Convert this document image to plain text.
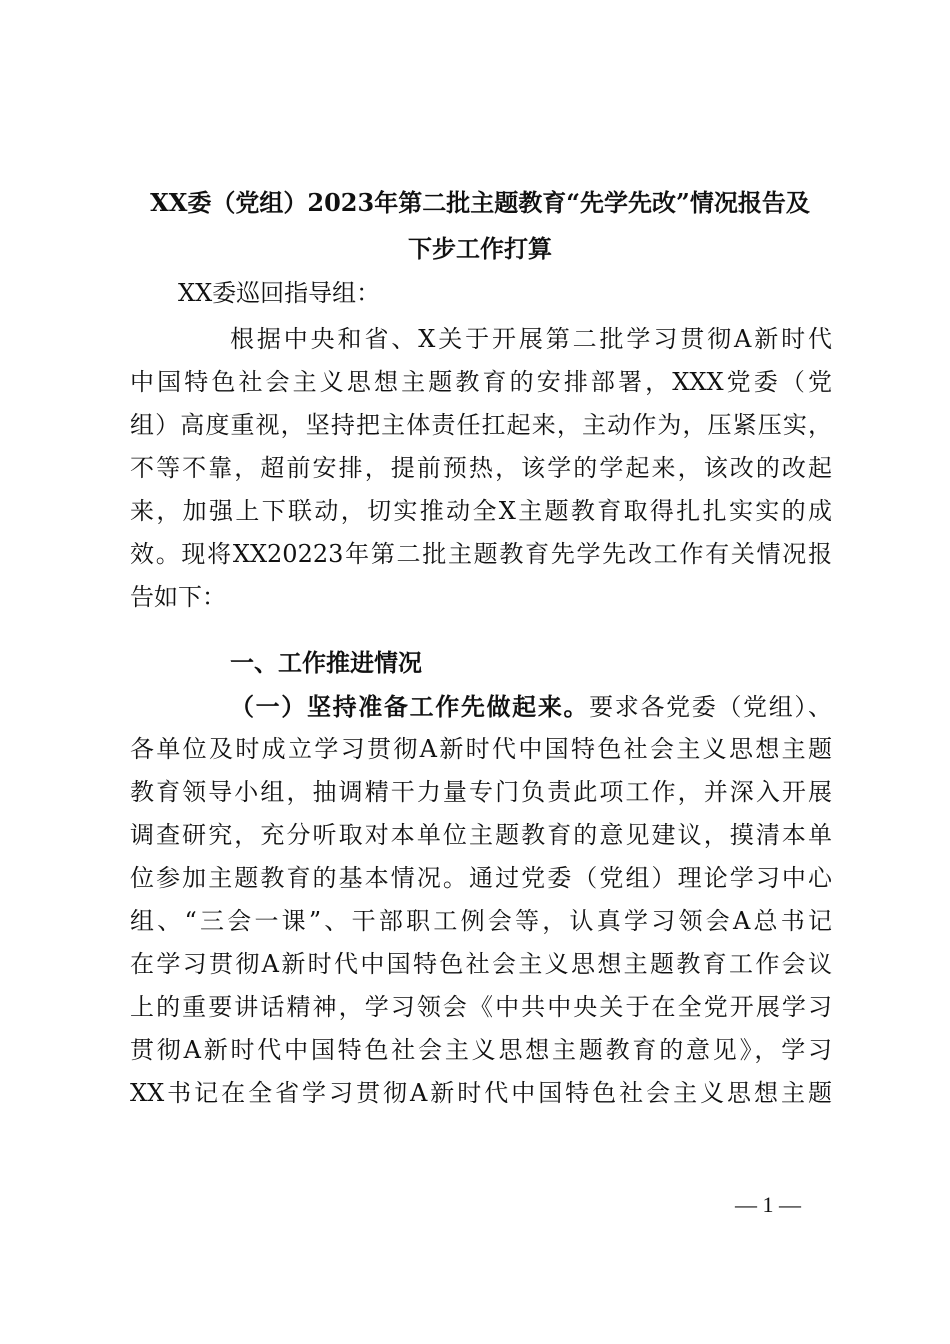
XX委（党组）2023年第二批主题教育“先学先改”情况报告及
下步工作打算
XX委巡回指导组：
根据中央和省、X关于开展第二批学习贯彻A新时代
中国特色社会主义思想主题教育的安排部署，XXX党委（党
组）高度重视，坚持把主体责任扛起来，主动作为，压紧压实，
不等不靠，超前安排，提前预热，该学的学起来，该改的改起
来，加强上下联动，切实推动全X主题教育取得扎扎实实的成
效。现将XX20223年第二批主题教育先学先改工作有关情况报
告如下：
一、工作推进情况
（一）坚持准备工作先做起来。要求各党委（党组）、
各单位及时成立学习贯彻A新时代中国特色社会主义思想主题
教育领导小组，抽调精干力量专门负责此项工作，并深入开展
调查研究，充分听取对本单位主题教育的意见建议，摸清本单
位参加主题教育的基本情况。通过党委（党组）理论学习中心
组、“三会一课”、干部职工例会等，认真学习领会A总书记
在学习贯彻A新时代中国特色社会主义思想主题教育工作会议
上的重要讲话精神，学习领会《中共中央关于在全党开展学习
贯彻A新时代中国特色社会主义思想主题教育的意见》，学习
XX书记在全省学习贯彻A新时代中国特色社会主义思想主题
— 1 —
